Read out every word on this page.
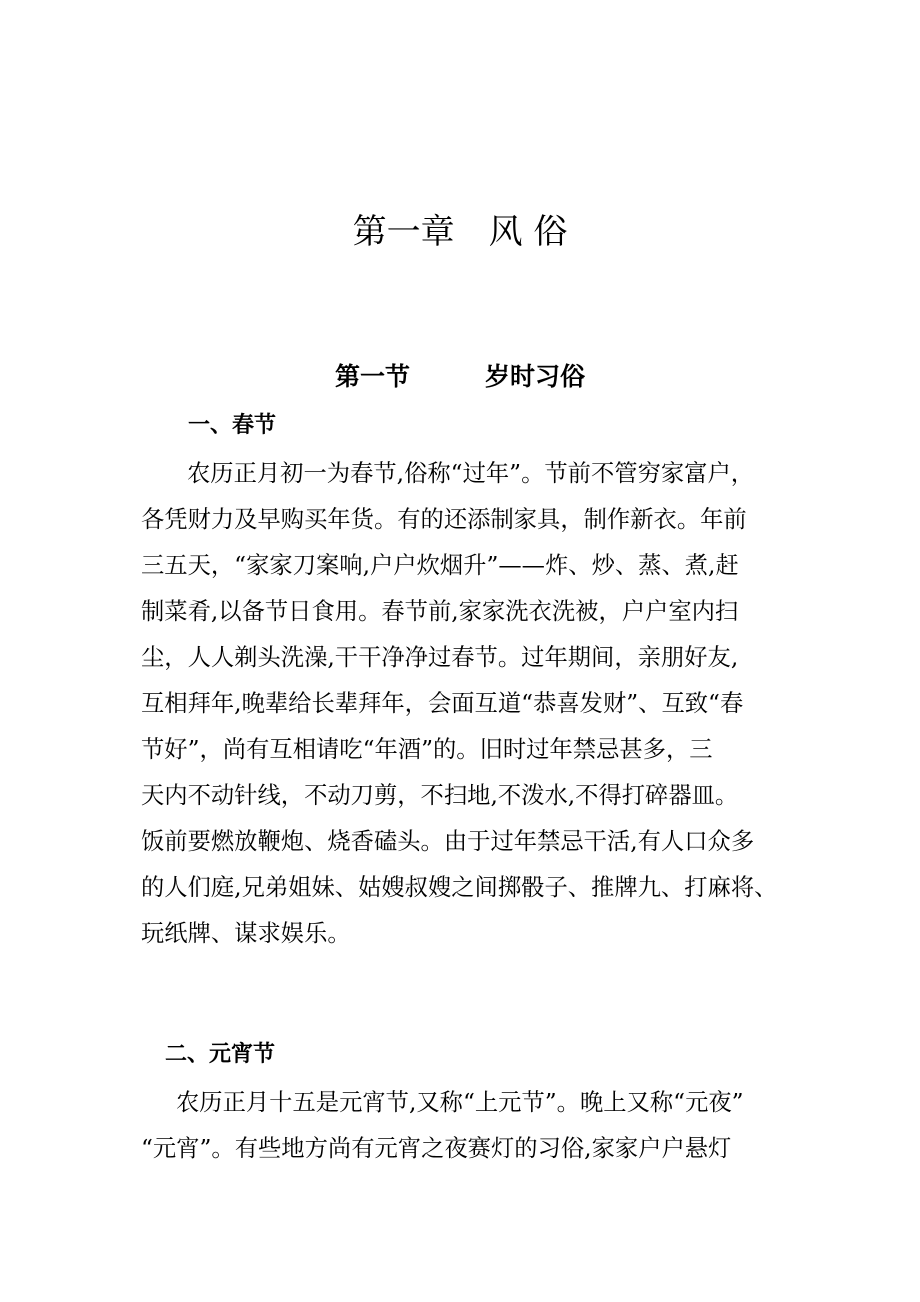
第一章　风 俗
第一节　　　岁时习俗
一、春节
农历正月初一为春节,俗称“过年”。节前不管穷家富户，
各凭财力及早购买年货。有的还添制家具，制作新衣。年前
三五天，“家家刀案响,户户炊烟升”——炸、炒、蒸、煮,赶
制菜肴,以备节日食用。春节前,家家洗衣洗被，户户室内扫
尘，人人剃头洗澡,干干净净过春节。过年期间，亲朋好友,
互相拜年,晚辈给长辈拜年，会面互道“恭喜发财”、互致“春
节好”，尚有互相请吃“年酒”的。旧时过年禁忌甚多，三
天内不动针线，不动刀剪，不扫地,不泼水,不得打碎器皿。
饭前要燃放鞭炮、烧香磕头。由于过年禁忌干活,有人口众多
的人们庭,兄弟姐妹、姑嫂叔嫂之间掷骰子、推牌九、打麻将、
玩纸牌、谋求娱乐。
二、元宵节
农历正月十五是元宵节,又称“上元节”。晚上又称“元夜”
“元宵”。有些地方尚有元宵之夜赛灯的习俗,家家户户悬灯
